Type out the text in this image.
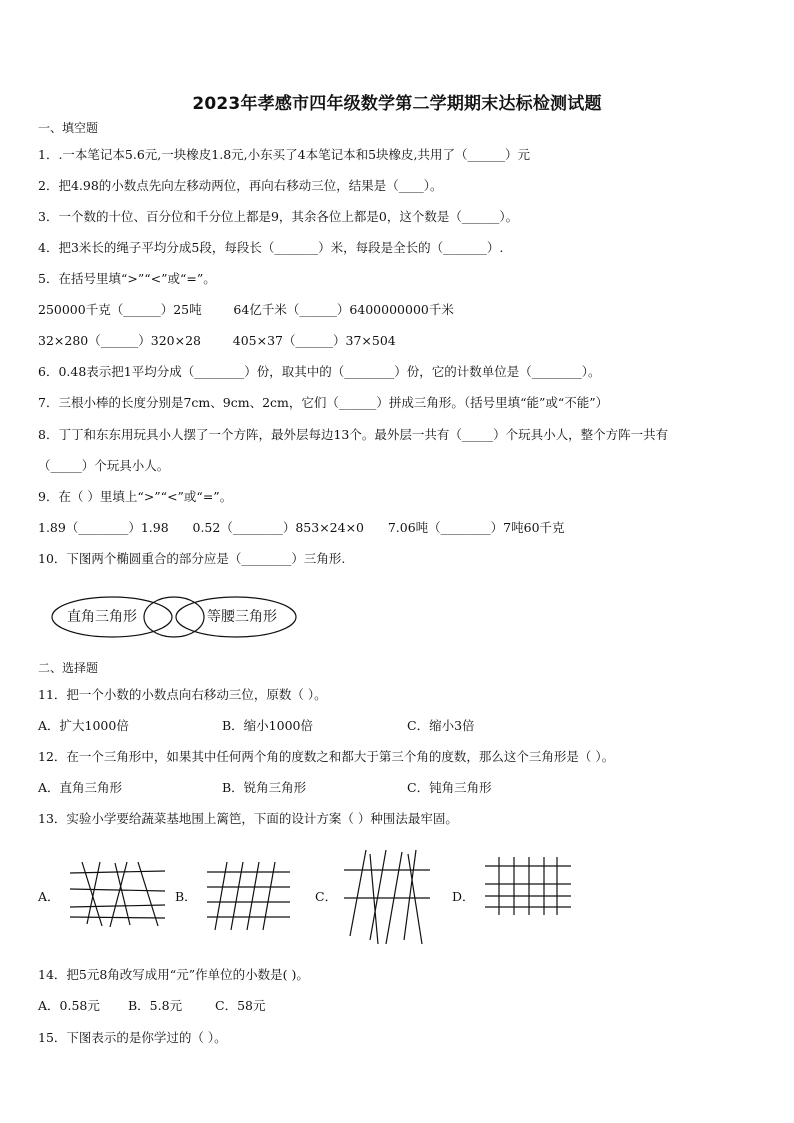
2023年孝感市四年级数学第二学期期末达标检测试题
一、填空题
1．.一本笔记本5.6元,一块橡皮1.8元,小东买了4本笔记本和5块橡皮,共用了（______）元
2．把4.98的小数点先向左移动两位，再向右移动三位，结果是（____）。
3．一个数的十位、百分位和千分位上都是9，其余各位上都是0，这个数是（______）。
4．把3米长的绳子平均分成5段，每段长（_______）米，每段是全长的（_______）.
5．在括号里填“>”“<”或“=”。
250000千克（______）25吨        64亿千米（______）6400000000千米
32×280（______）320×28        405×37（______）37×504
6．0.48表示把1平均分成（________）份，取其中的（________）份，它的计数单位是（________）。
7．三根小棒的长度分别是7cm、9cm、2cm，它们（______）拼成三角形。（括号里填“能”或“不能”）
8．丁丁和东东用玩具小人摆了一个方阵，最外层每边13个。最外层一共有（_____）个玩具小人，整个方阵一共有
（_____）个玩具小人。
9．在（ ）里填上“>”“<”或“=”。
1.89（________）1.98      0.52（________）853×24×0      7.06吨（________）7吨60千克
10．下图两个椭圆重合的部分应是（________）三角形.
直角三角形	等腰三角形
二、选择题
11．把一个小数的小数点向右移动三位，原数（ ）。
A．扩大1000倍	B．缩小1000倍	C．缩小3倍
12．在一个三角形中，如果其中任何两个角的度数之和都大于第三个角的度数，那么这个三角形是（ ）。
A．直角三角形	B．锐角三角形	C．钝角三角形
13．实验小学要给蔬菜基地围上篱笆，下面的设计方案（ ）种围法最牢固。
A．	B．	C．	D．
14．把5元8角改写成用“元”作单位的小数是( )。
A．0.58元 B．5.8元	C．58元
15．下图表示的是你学过的（ ）。
